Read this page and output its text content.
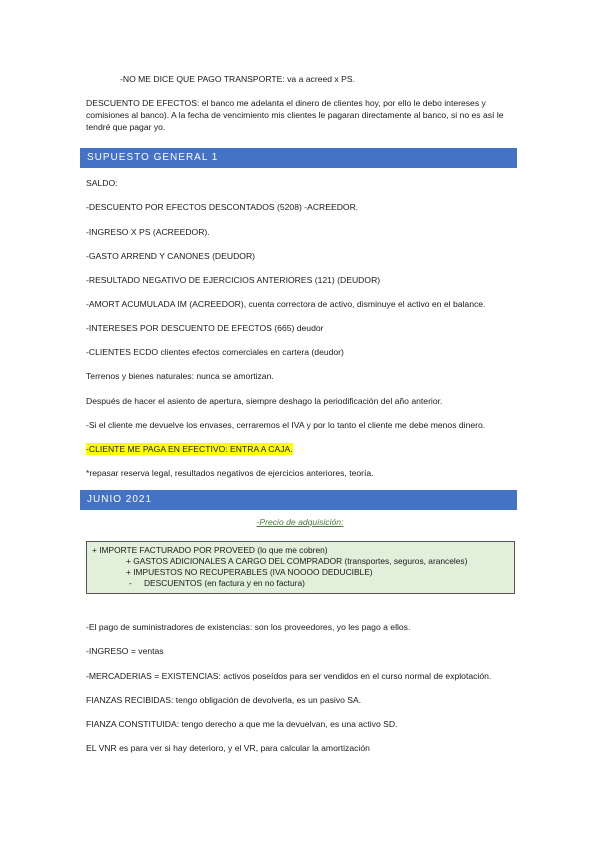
-NO ME DICE QUE PAGO TRANSPORTE: va a acreed x PS.
DESCUENTO DE EFECTOS: el banco me adelanta el dinero de clientes hoy, por ello le debo intereses y comisiones al banco). A la fecha de vencimiento mis clientes le pagaran directamente al banco, si no es así le tendré que pagar yo.
SUPUESTO GENERAL 1
SALDO:
-DESCUENTO POR EFECTOS DESCONTADOS (5208) -ACREEDOR.
-INGRESO X PS (ACREEDOR).
-GASTO ARREND Y CANONES (DEUDOR)
-RESULTADO NEGATIVO DE EJERCICIOS ANTERIORES (121) (DEUDOR)
-AMORT ACUMULADA IM (ACREEDOR), cuenta correctora de activo, disminuye el activo en el balance.
-INTERESES POR DESCUENTO DE EFECTOS (665) deudor
-CLIENTES ECDO clientes efectos comerciales en cartera (deudor)
Terrenos y bienes naturales: nunca se amortizan.
Después de hacer el asiento de apertura, siempre deshago la periodificación del año anterior.
-Si el cliente me devuelve los envases, cerraremos el IVA y por lo tanto el cliente me debe menos dinero.
-CLIENTE ME PAGA EN EFECTIVO: ENTRA A CAJA.
*repasar reserva legal, resultados negativos de ejercicios anteriores, teoría.
JUNIO 2021
-Precio de adquisición:
+ IMPORTE FACTURADO POR PROVEED (lo que me cobren)
+ GASTOS ADICIONALES A CARGO DEL COMPRADOR (transportes, seguros, aranceles)
+ IMPUESTOS NO RECUPERABLES (IVA NOOOO DEDUCIBLE)
- DESCUENTOS (en factura y en no factura)
-El pago de suministradores de existencias: son los proveedores, yo les pago a ellos.
-INGRESO = ventas
-MERCADERIAS = EXISTENCIAS: activos poseídos para ser vendidos en el curso normal de explotación.
FIANZAS RECIBIDAS: tengo obligación de devolverla, es un pasivo SA.
FIANZA CONSTITUIDA: tengo derecho a que me la devuelvan, es una activo SD.
EL VNR es para ver si hay deterioro, y el VR, para calcular la amortización
